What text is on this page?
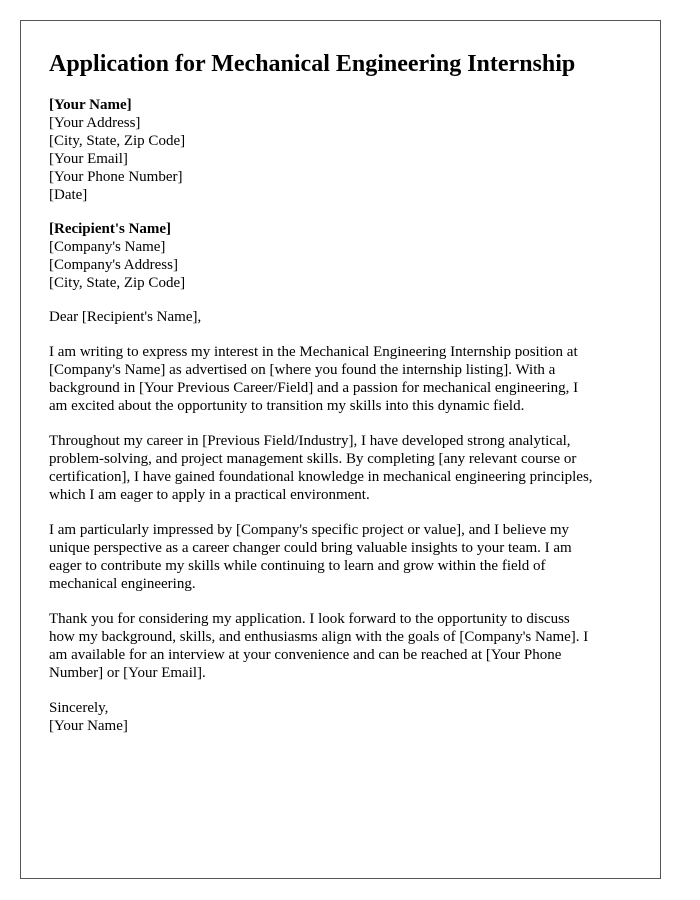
Application for Mechanical Engineering Internship
[Your Name]
[Your Address]
[City, State, Zip Code]
[Your Email]
[Your Phone Number]
[Date]
[Recipient's Name]
[Company's Name]
[Company's Address]
[City, State, Zip Code]

Dear [Recipient's Name],

I am writing to express my interest in the Mechanical Engineering Internship position at
[Company's Name] as advertised on [where you found the internship listing]. With a
background in [Your Previous Career/Field] and a passion for mechanical engineering, I
am excited about the opportunity to transition my skills into this dynamic field.

Throughout my career in [Previous Field/Industry], I have developed strong analytical,
problem-solving, and project management skills. By completing [any relevant course or
certification], I have gained foundational knowledge in mechanical engineering principles,
which I am eager to apply in a practical environment.

I am particularly impressed by [Company's specific project or value], and I believe my
unique perspective as a career changer could bring valuable insights to your team. I am
eager to contribute my skills while continuing to learn and grow within the field of
mechanical engineering.

Thank you for considering my application. I look forward to the opportunity to discuss
how my background, skills, and enthusiasms align with the goals of [Company's Name]. I
am available for an interview at your convenience and can be reached at [Your Phone
Number] or [Your Email].

Sincerely,
[Your Name]
